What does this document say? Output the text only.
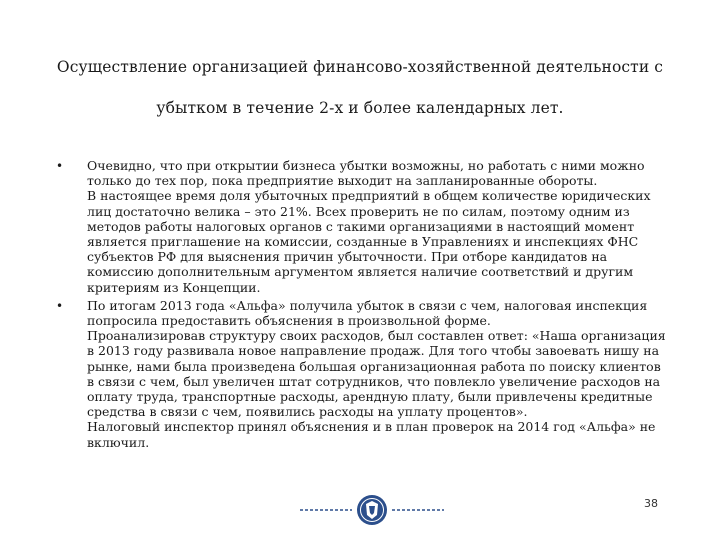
Осуществление организацией финансово-хозяйственной деятельности с
убытком в течение 2-х и более календарных лет.
• Очевидно, что при открытии бизнеса убытки возможны, но работать с ними можно только до тех пор, пока предприятие выходит на запланированные обороты.

В настоящее время доля убыточных предприятий в общем количестве юридических лиц достаточно велика – это 21%. Всех проверить не по силам, поэтому одним из методов работы налоговых органов с такими организациями в настоящий момент является приглашение на комиссии, созданные в Управлениях и инспекциях ФНС субъектов РФ для выяснения причин убыточности. При отборе кандидатов на комиссию дополнительным аргументом является наличие соответствий и другим критериям из Концепции.

• По итогам 2013 года «Альфа» получила убыток в связи с чем, налоговая инспекция попросила предоставить объяснения в произвольной форме.

Проанализировав структуру своих расходов, был составлен ответ: «Наша организация в 2013 году развивала новое направление продаж. Для того чтобы завоевать нишу на рынке, нами была произведена большая организационная работа по поиску клиентов в связи с чем, был увеличен штат сотрудников, что повлекло увеличение расходов на оплату труда, транспортные расходы, арендную плату, были привлечены кредитные средства в связи с чем, появились расходы на уплату процентов».

Налоговый инспектор принял объяснения и в план проверок на 2014 год «Альфа» не включил.

38
